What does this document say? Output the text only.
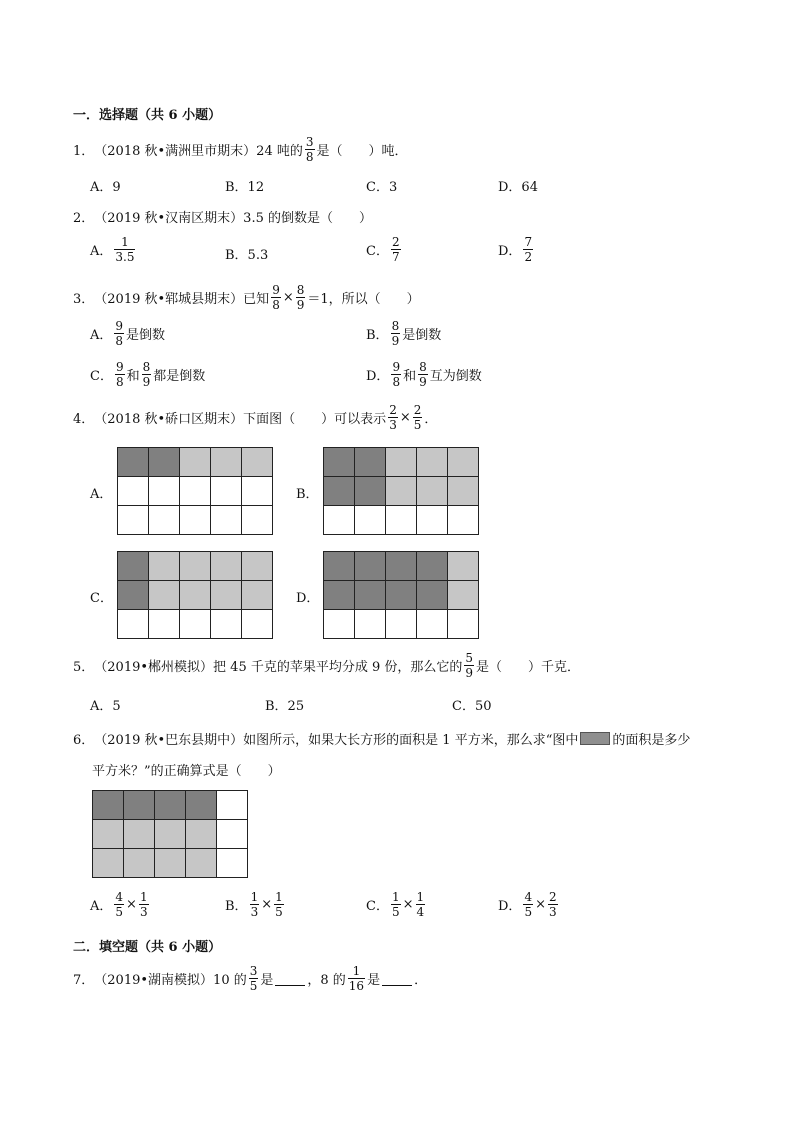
一．选择题（共 6 小题）
1． （2018 秋•满洲里市期末） 24 吨的 $\frac{3}{8}$ 是（　　）吨．
A．9	B．12	C．3	D．64
2． （2019 秋•汉南区期末） 3.5 的倒数是（　　）
A． $\frac{1}{3.5}$	B．5.3	C． $\frac{2}{7}$	D． $\frac{7}{2}$
3． （2019 秋•郓城县期末） 已知 $\frac{9}{8} \times \frac{8}{9} =1$，所以（　　）
A． $\frac{9}{8}$ 是倒数	B． $\frac{8}{9}$ 是倒数
C． $\frac{9}{8}$ 和 $\frac{8}{9}$ 都是倒数	D． $\frac{9}{8}$ 和 $\frac{8}{9}$ 互为倒数
4． （2018 秋•硚口区期末） 下面图（　　）可以表示 $\frac{2}{3} \times \frac{2}{5}$ ．
A．

					B．

C．

					D．

5． （2019•郴州模拟） 把 45 千克的苹果平均分成 9 份，那么它的 $\frac{5}{9}$ 是（　　）千克．
A．5	B．25	C．50
6． （2019 秋•巴东县期中） 如图所示，如果大长方形的面积是 1 平方米，那么求“图中	的面积是多少
平方米？”的正确算式是（　　）

A． $\frac{4}{5} \times \frac{1}{3}$	B． $\frac{1}{3} \times \frac{1}{5}$	C． $\frac{1}{5} \times \frac{1}{4}$	D． $\frac{4}{5} \times \frac{2}{3}$
二．填空题（共 6 小题）
7． （2019•湖南模拟） 10 的 $\frac{3}{5}$ 是	，8 的 $\frac{1}{16}$ 是	．
